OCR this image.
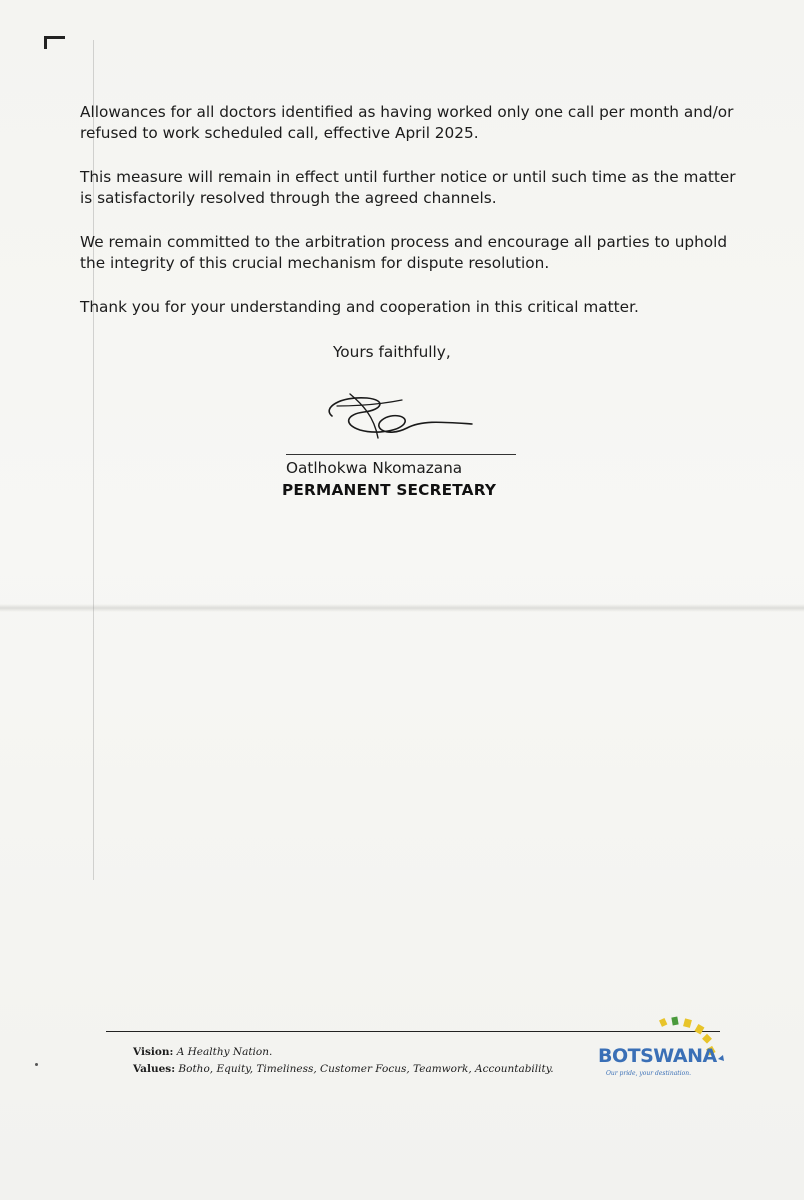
Allowances for all doctors identified as having worked only one call per month and/or refused to work scheduled call, effective April 2025.

This measure will remain in effect until further notice or until such time as the matter is satisfactorily resolved through the agreed channels.

We remain committed to the arbitration process and encourage all parties to uphold the integrity of this crucial mechanism for dispute resolution.

Thank you for your understanding and cooperation in this critical matter.

Yours faithfully,
Oatlhokwa Nkomazana
PERMANENT SECRETARY
Vision: A Healthy Nation.
Values: Botho, Equity, Timeliness, Customer Focus, Teamwork, Accountability.
BOTSWANA
Our pride, your destination.
